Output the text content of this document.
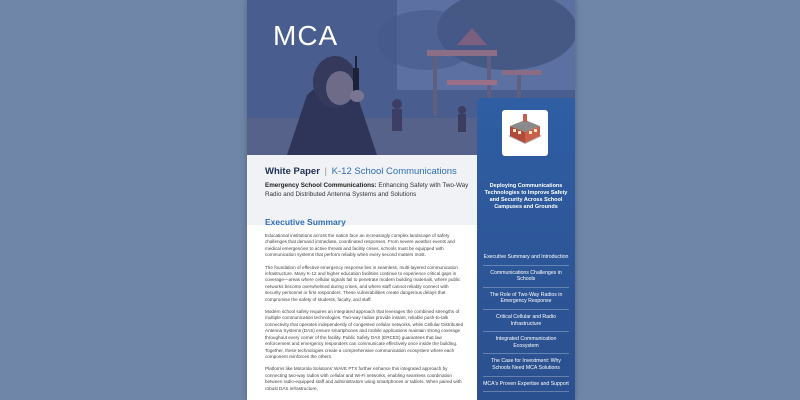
MCA
White Paper | K-12 School Communications
Emergency School Communications: Enhancing Safety with Two-Way Radio and Distributed Antenna Systems and Solutions
Executive Summary

Educational institutions across the nation face an increasingly complex landscape of safety challenges that demand immediate, coordinated responses. From severe weather events and medical emergencies to active threats and facility crises, schools must be equipped with communication systems that perform reliably when every second matters most.

The foundation of effective emergency response lies in seamless, multi-layered communication infrastructure. Many K-12 and higher education facilities continue to experience critical gaps in coverage—areas where cellular signals fail to penetrate modern building materials, where public networks become overwhelmed during crises, and where staff cannot reliably connect with security personnel or first responders. These vulnerabilities create dangerous delays that compromise the safety of students, faculty, and staff.

Modern school safety requires an integrated approach that leverages the combined strengths of multiple communication technologies. Two-way radios provide instant, reliable push-to-talk connectivity that operates independently of congested cellular networks, while Cellular Distributed Antenna Systems (DAS) ensure smartphones and mobile applications maintain strong coverage throughout every corner of the facility. Public Safety DAS (ERCES) guarantees that law enforcement and emergency responders can communicate effectively once inside the building. Together, these technologies create a comprehensive communication ecosystem where each component reinforces the others.

Platforms like Motorola Solutions' WAVE PTX further enhance this integrated approach by connecting two-way radios with cellular and Wi-Fi networks, enabling seamless coordination between radio-equipped staff and administrators using smartphones or tablets. When paired with robust DAS infrastructure,

Deploying Communications Technologies to Improve Safety and Security Across School Campuses and Grounds
Executive Summary and Introduction
Communications Challenges in Schools
The Role of Two-Way Radios in Emergency Response
Critical Cellular and Radio Infrastructure
Integrated Communication Ecosystem
The Case for Investment: Why Schools Need MCA Solutions
MCA's Proven Expertise and Support
